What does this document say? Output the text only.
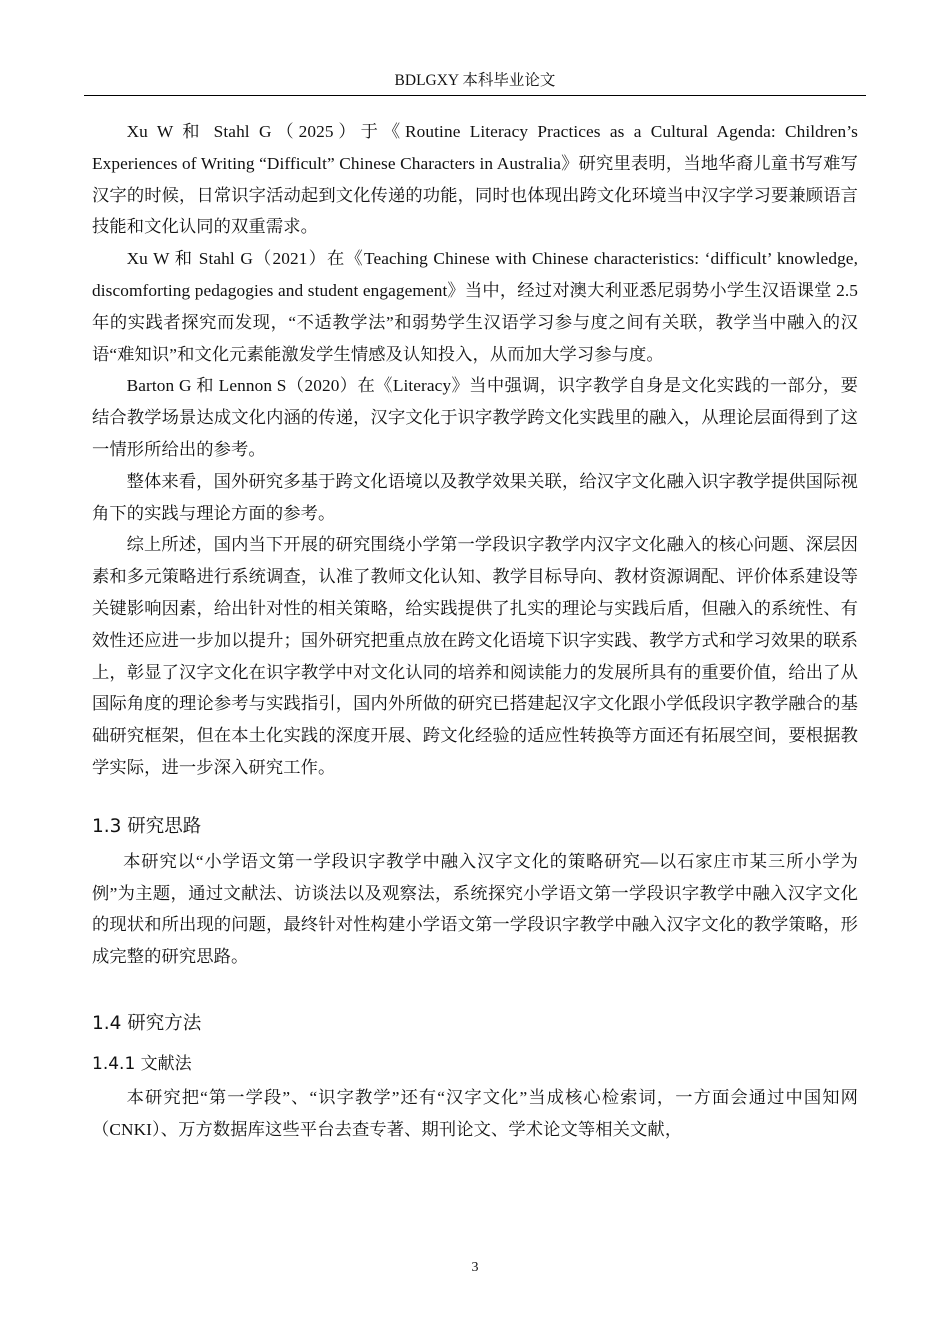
BDLGXY 本科毕业论文

Xu W 和 Stahl G（2025）于《Routine Literacy Practices as a Cultural Agenda: Children’s Experiences of Writing “Difficult” Chinese Characters in Australia》研究里表明，当地华裔儿童书写难写汉字的时候，日常识字活动起到文化传递的功能，同时也体现出跨文化环境当中汉字学习要兼顾语言技能和文化认同的双重需求。

Xu W 和 Stahl G（2021）在《Teaching Chinese with Chinese characteristics: ‘difficult’ knowledge, discomforting pedagogies and student engagement》当中，经过对澳大利亚悉尼弱势小学生汉语课堂 2.5 年的实践者探究而发现，“不适教学法”和弱势学生汉语学习参与度之间有关联，教学当中融入的汉语“难知识”和文化元素能激发学生情感及认知投入，从而加大学习参与度。

Barton G 和 Lennon S（2020）在《Literacy》当中强调，识字教学自身是文化实践的一部分，要结合教学场景达成文化内涵的传递，汉字文化于识字教学跨文化实践里的融入，从理论层面得到了这一情形所给出的参考。

整体来看，国外研究多基于跨文化语境以及教学效果关联，给汉字文化融入识字教学提供国际视角下的实践与理论方面的参考。

综上所述，国内当下开展的研究围绕小学第一学段识字教学内汉字文化融入的核心问题、深层因素和多元策略进行系统调查，认准了教师文化认知、教学目标导向、教材资源调配、评价体系建设等关键影响因素，给出针对性的相关策略，给实践提供了扎实的理论与实践后盾，但融入的系统性、有效性还应进一步加以提升；国外研究把重点放在跨文化语境下识字实践、教学方式和学习效果的联系上，彰显了汉字文化在识字教学中对文化认同的培养和阅读能力的发展所具有的重要价值，给出了从国际角度的理论参考与实践指引，国内外所做的研究已搭建起汉字文化跟小学低段识字教学融合的基础研究框架，但在本土化实践的深度开展、跨文化经验的适应性转换等方面还有拓展空间，要根据教学实际，进一步深入研究工作。

1.3 研究思路

本研究以“小学语文第一学段识字教学中融入汉字文化的策略研究—以石家庄市某三所小学为例”为主题，通过文献法、访谈法以及观察法，系统探究小学语文第一学段识字教学中融入汉字文化的现状和所出现的问题，最终针对性构建小学语文第一学段识字教学中融入汉字文化的教学策略，形成完整的研究思路。

1.4 研究方法
1.4.1 文献法

本研究把“第一学段”、“识字教学”还有“汉字文化”当成核心检索词，一方面会通过中国知网（CNKI）、万方数据库这些平台去查专著、期刊论文、学术论文等相关文献，

3
